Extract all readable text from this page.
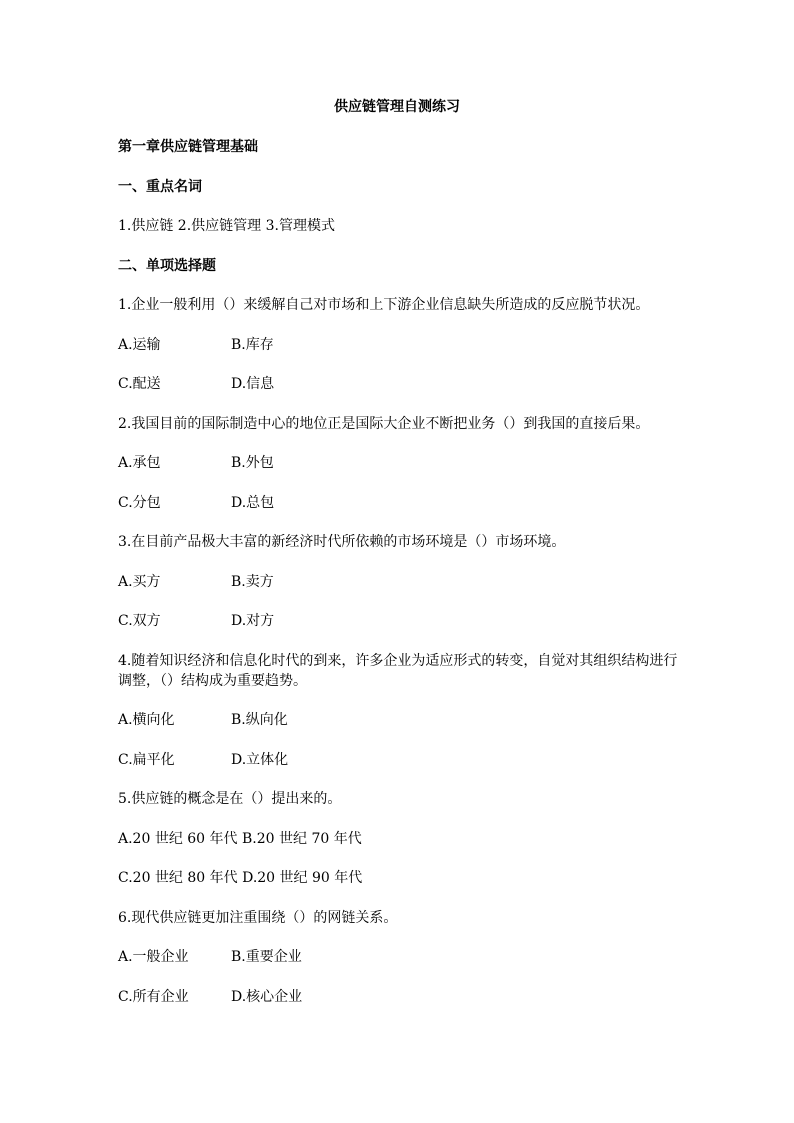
供应链管理自测练习
第一章供应链管理基础
一、重点名词
1.供应链 2.供应链管理 3.管理模式
二、单项选择题
1.企业一般利用（）来缓解自己对市场和上下游企业信息缺失所造成的反应脱节状况。
A.运输	B.库存
C.配送	D.信息
2.我国目前的国际制造中心的地位正是国际大企业不断把业务（）到我国的直接后果。
A.承包	B.外包
C.分包	D.总包
3.在目前产品极大丰富的新经济时代所依赖的市场环境是（）市场环境。
A.买方	B.卖方
C.双方	D.对方
4.随着知识经济和信息化时代的到来，许多企业为适应形式的转变，自觉对其组织结构进行
调整，（）结构成为重要趋势。
A.横向化	B.纵向化
C.扁平化	D.立体化
5.供应链的概念是在（）提出来的。
A.20 世纪 60 年代 B.20 世纪 70 年代
C.20 世纪 80 年代 D.20 世纪 90 年代
6.现代供应链更加注重围绕（）的网链关系。
A.一般企业	B.重要企业
C.所有企业	D.核心企业
